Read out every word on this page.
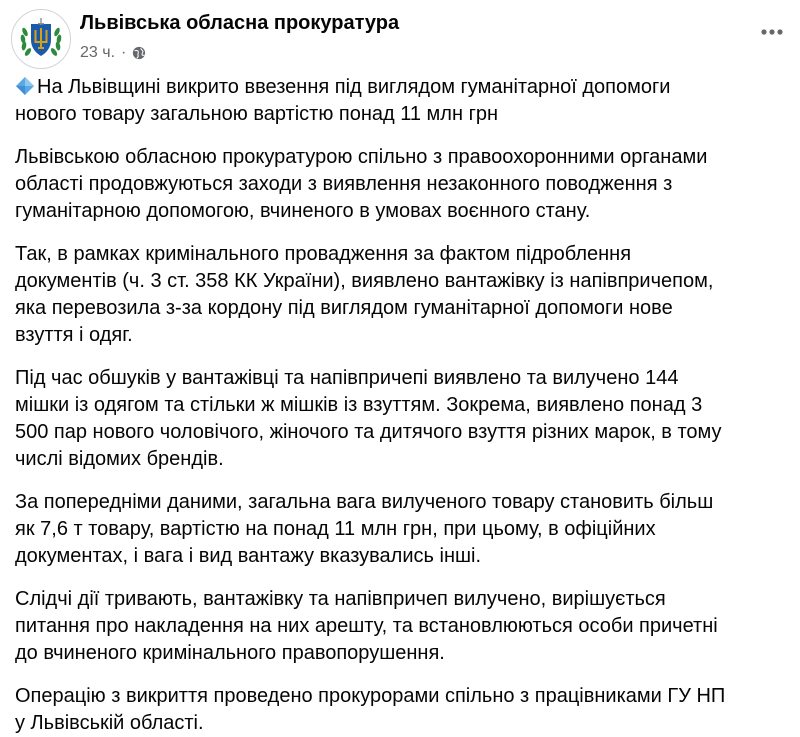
Львівська обласна прокуратура
23 ч. ·

На Львівщині викрито ввезення під виглядом гуманітарної допомоги
нового товару загальною вартістю понад 11 млн грн

Львівською обласною прокуратурою спільно з правоохоронними органами
області продовжуються заходи з виявлення незаконного поводження з
гуманітарною допомогою, вчиненого в умовах воєнного стану.

Так, в рамках кримінального провадження за фактом підроблення
документів (ч. 3 ст. 358 КК України), виявлено вантажівку із напівпричепом,
яка перевозила з-за кордону під виглядом гуманітарної допомоги нове
взуття і одяг.

Під час обшуків у вантажівці та напівпричепі виявлено та вилучено 144
мішки із одягом та стільки ж мішків із взуттям. Зокрема, виявлено понад 3
500 пар нового чоловічого, жіночого та дитячого взуття різних марок, в тому
числі відомих брендів.

За попередніми даними, загальна вага вилученого товару становить більш
як 7,6 т товару, вартістю на понад 11 млн грн, при цьому, в офіційних
документах, і вага і вид вантажу вказувались інші.

Слідчі дії тривають, вантажівку та напівпричеп вилучено, вирішується
питання про накладення на них арешту, та встановлюються особи причетні
до вчиненого кримінального правопорушення.

Операцію з викриття проведено прокурорами спільно з працівниками ГУ НП
у Львівській області.
